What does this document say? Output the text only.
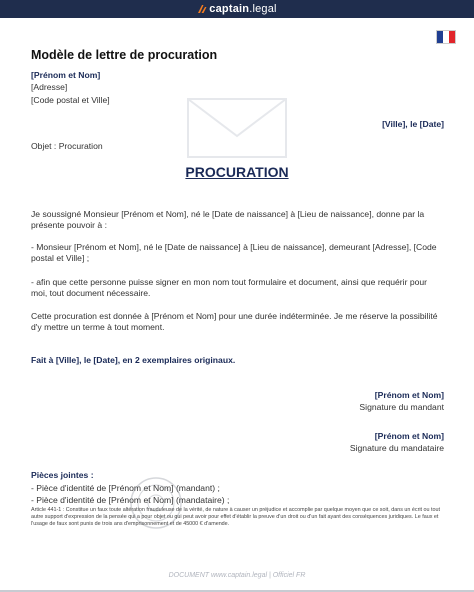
captain .legal
Modèle de lettre de procuration
[Prénom et Nom]
[Adresse]
[Code postal et Ville]
[Ville], le [Date]
Objet : Procuration
PROCURATION
Je soussigné Monsieur [Prénom et Nom], né le [Date de naissance] à [Lieu de naissance], donne par la présente pouvoir à :
- Monsieur [Prénom et Nom], né le [Date de naissance] à [Lieu de naissance], demeurant [Adresse], [Code postal et Ville] ;
- afin que cette personne puisse signer en mon nom tout formulaire et document, ainsi que requérir pour moi, tout document nécessaire.
Cette procuration est donnée à [Prénom et Nom] pour une durée indéterminée. Je me réserve la possibilité d'y mettre un terme à tout moment.
Fait à [Ville], le [Date], en 2 exemplaires originaux.
[Prénom et Nom]
Signature du mandant
[Prénom et Nom]
Signature du mandataire
Pièces jointes :
- Pièce d'identité de [Prénom et Nom] (mandant) ;
- Pièce d'identité de [Prénom et Nom] (mandataire) ;
Article 441-1 : Constitue un faux toute altération frauduleuse de la vérité, de nature à causer un préjudice et accomplie par quelque moyen que ce soit, dans un écrit ou tout autre support d'expression de la pensée qui a pour objet ou qui peut avoir pour effet d'établir la preuve d'un droit ou d'un fait ayant des conséquences juridiques. Le faux et l'usage de faux sont punis de trois ans d'emprisonnement et de 45000 € d'amende.
DOCUMENT www.captain.legal | Officiel FR
